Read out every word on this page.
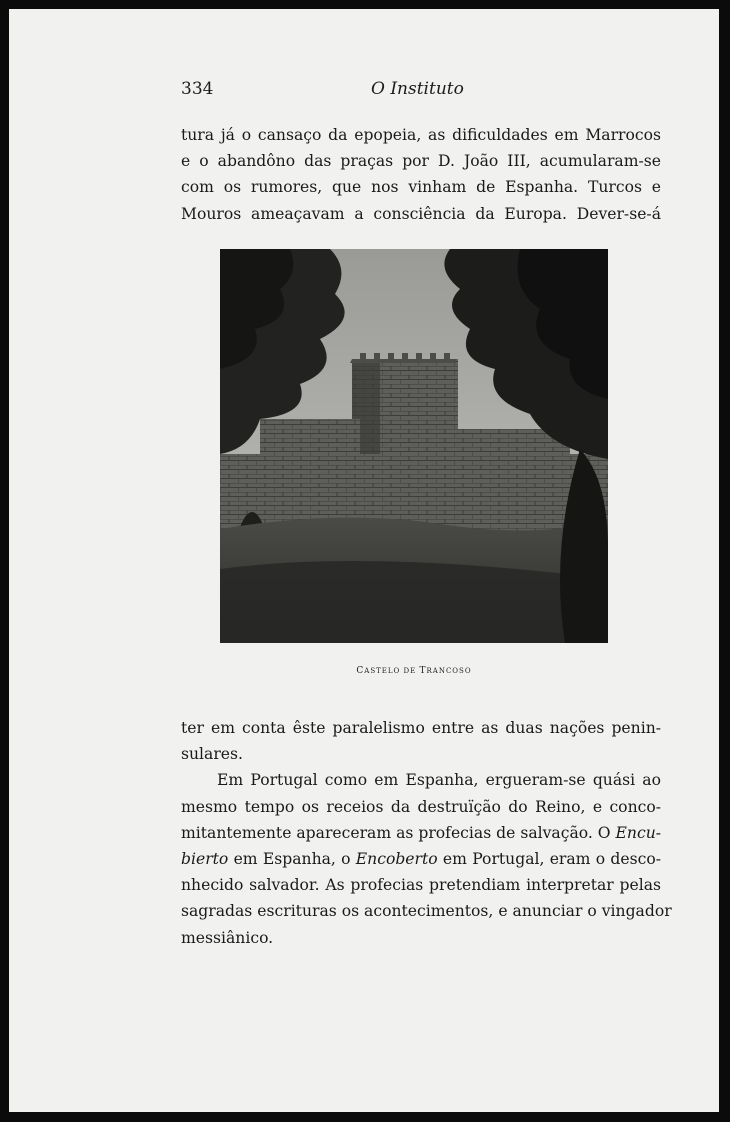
334	O Instituto

tura já o cansaço da epopeia, as dificuldades em Marrocos

e o abandôno das praças por D. João III, acumularam-se

com os rumores, que nos vinham de Espanha. Turcos e

Mouros ameaçavam a consciência da Europa. Dever-se-á

CASTELO DE TRANCOSO

ter em conta êste paralelismo entre as duas nações penin-

sulares.

Em Portugal como em Espanha, ergueram-se quási ao

mesmo tempo os receios da destruïção do Reino, e conco-

mitantemente apareceram as profecias de salvação. O Encu-

bierto em Espanha, o Encoberto em Portugal, eram o desco-

nhecido salvador. As profecias pretendiam interpretar pelas

sagradas escrituras os acontecimentos, e anunciar o vingador

messiânico.
